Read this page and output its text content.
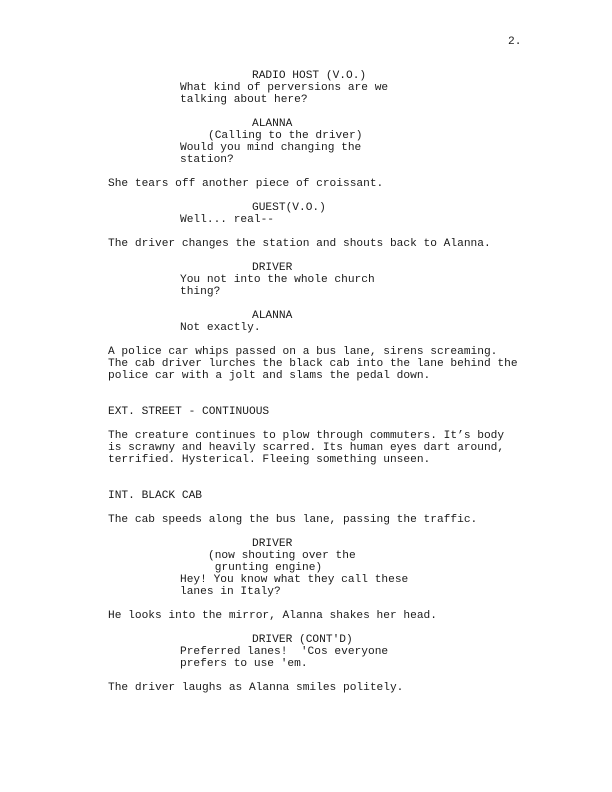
2.
RADIO HOST (V.O.)
What kind of perversions are we
talking about here?
ALANNA
(Calling to the driver)
Would you mind changing the
station?
She tears off another piece of croissant.
GUEST(V.O.)
Well... real--
The driver changes the station and shouts back to Alanna.
DRIVER
You not into the whole church
thing?
ALANNA
Not exactly.
A police car whips passed on a bus lane, sirens screaming.
The cab driver lurches the black cab into the lane behind the
police car with a jolt and slams the pedal down.
EXT. STREET - CONTINUOUS
The creature continues to plow through commuters. It’s body
is scrawny and heavily scarred. Its human eyes dart around,
terrified. Hysterical. Fleeing something unseen.
INT. BLACK CAB
The cab speeds along the bus lane, passing the traffic.
DRIVER
(now shouting over the
grunting engine)
Hey! You know what they call these
lanes in Italy?
He looks into the mirror, Alanna shakes her head.
DRIVER (CONT'D)
Preferred lanes!  'Cos everyone
prefers to use 'em.
The driver laughs as Alanna smiles politely.
